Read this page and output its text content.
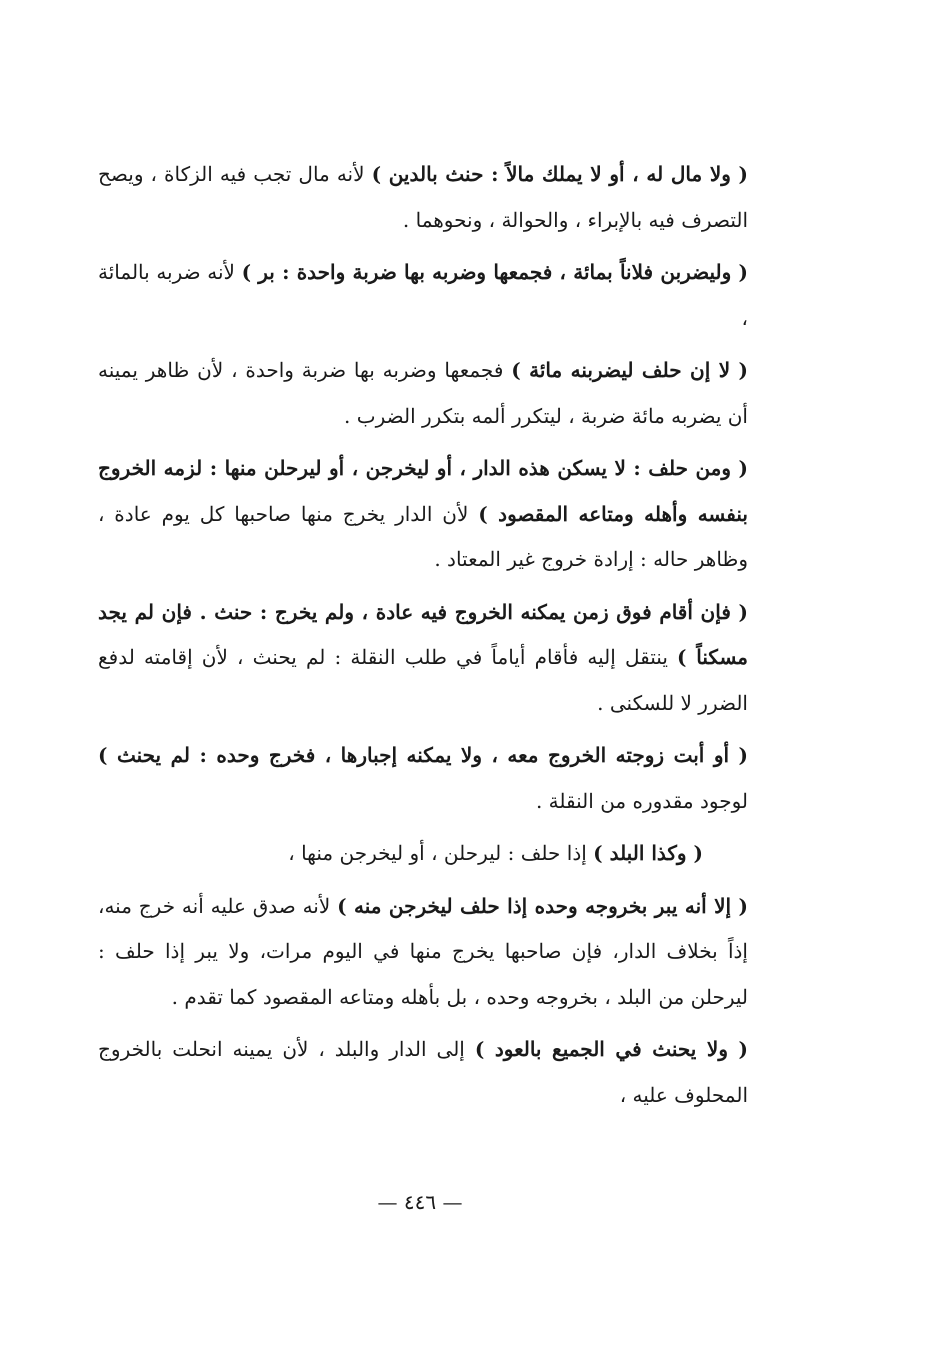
( ولا مال له ، أو لا يملك مالاً : حنث بالدين ) لأنه مال تجب فيه الزكاة ، ويصح التصرف فيه بالإبراء ، والحوالة ، ونحوهما .

( وليضربن فلاناً بمائة ، فجمعها وضربه بها ضربة واحدة : بر ) لأنه ضربه بالمائة ،

( لا إن حلف ليضربنه مائة ) فجمعها وضربه بها ضربة واحدة ، لأن ظاهر يمينه أن يضربه مائة ضربة ، ليتكرر ألمه بتكرر الضرب .

( ومن حلف : لا يسكن هذه الدار ، أو ليخرجن ، أو ليرحلن منها : لزمه الخروج بنفسه وأهله ومتاعه المقصود ) لأن الدار يخرج منها صاحبها كل يوم عادة ، وظاهر حاله : إرادة خروج غير المعتاد .

( فإن أقام فوق زمن يمكنه الخروج فيه عادة ، ولم يخرج : حنث . فإن لم يجد مسكناً ) ينتقل إليه فأقام أياماً في طلب النقلة : لم يحنث ، لأن إقامته لدفع الضرر لا للسكنى .

( أو أبت زوجته الخروج معه ، ولا يمكنه إجبارها ، فخرج وحده : لم يحنث ) لوجود مقدوره من النقلة .

( وكذا البلد ) إذا حلف : ليرحلن ، أو ليخرجن منها ،

( إلا أنه يبر بخروجه وحده إذا حلف ليخرجن منه ) لأنه صدق عليه أنه خرج منه، إذاً بخلاف الدار، فإن صاحبها يخرج منها في اليوم مرات، ولا يبر إذا حلف : ليرحلن من البلد ، بخروجه وحده ، بل بأهله ومتاعه المقصود كما تقدم .

( ولا يحنث في الجميع بالعود ) إلى الدار والبلد ، لأن يمينه انحلت بالخروج المحلوف عليه ،

— ٤٤٦ —
